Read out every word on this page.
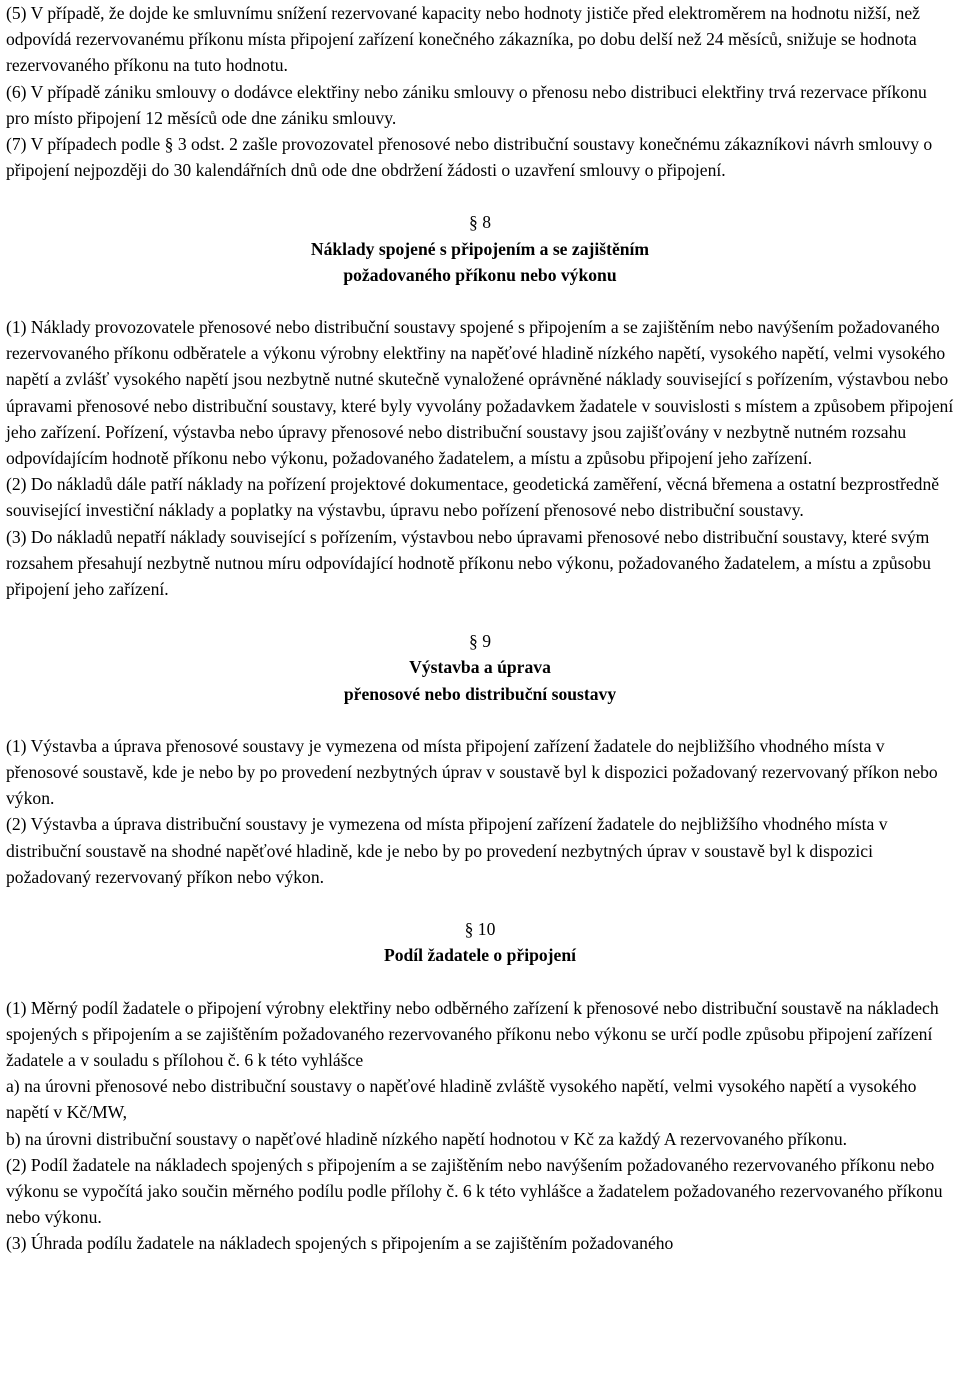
(5) V případě, že dojde ke smluvnímu snížení rezervované kapacity nebo hodnoty jističe před elektroměrem na hodnotu nižší, než odpovídá rezervovanému příkonu místa připojení zařízení konečného zákazníka, po dobu delší než 24 měsíců, snižuje se hodnota rezervovaného příkonu na tuto hodnotu.

(6) V případě zániku smlouvy o dodávce elektřiny nebo zániku smlouvy o přenosu nebo distribuci elektřiny trvá rezervace příkonu pro místo připojení 12 měsíců ode dne zániku smlouvy.

(7) V případech podle § 3 odst. 2 zašle provozovatel přenosové nebo distribuční soustavy konečnému zákazníkovi návrh smlouvy o připojení nejpozději do 30 kalendářních dnů ode dne obdržení žádosti o uzavření smlouvy o připojení.

§ 8

Náklady spojené s připojením a se zajištěním

požadovaného příkonu nebo výkonu

(1) Náklady provozovatele přenosové nebo distribuční soustavy spojené s připojením a se zajištěním nebo navýšením požadovaného rezervovaného příkonu odběratele a výkonu výrobny elektřiny na napěťové hladině nízkého napětí, vysokého napětí, velmi vysokého napětí a zvlášť vysokého napětí jsou nezbytně nutné skutečně vynaložené oprávněné náklady související s pořízením, výstavbou nebo úpravami přenosové nebo distribuční soustavy, které byly vyvolány požadavkem žadatele v souvislosti s místem a způsobem připojení jeho zařízení. Pořízení, výstavba nebo úpravy přenosové nebo distribuční soustavy jsou zajišťovány v nezbytně nutném rozsahu odpovídajícím hodnotě příkonu nebo výkonu, požadovaného žadatelem, a místu a způsobu připojení jeho zařízení.

(2) Do nákladů dále patří náklady na pořízení projektové dokumentace, geodetická zaměření, věcná břemena a ostatní bezprostředně související investiční náklady a poplatky na výstavbu, úpravu nebo pořízení přenosové nebo distribuční soustavy.

(3) Do nákladů nepatří náklady související s pořízením, výstavbou nebo úpravami přenosové nebo distribuční soustavy, které svým rozsahem přesahují nezbytně nutnou míru odpovídající hodnotě příkonu nebo výkonu, požadovaného žadatelem, a místu a způsobu připojení jeho zařízení.

§ 9

Výstavba a úprava

přenosové nebo distribuční soustavy

(1) Výstavba a úprava přenosové soustavy je vymezena od místa připojení zařízení žadatele do nejbližšího vhodného místa v přenosové soustavě, kde je nebo by po provedení nezbytných úprav v soustavě byl k dispozici požadovaný rezervovaný příkon nebo výkon.

(2) Výstavba a úprava distribuční soustavy je vymezena od místa připojení zařízení žadatele do nejbližšího vhodného místa v distribuční soustavě na shodné napěťové hladině, kde je nebo by po provedení nezbytných úprav v soustavě byl k dispozici požadovaný rezervovaný příkon nebo výkon.

§ 10

Podíl žadatele o připojení

(1) Měrný podíl žadatele o připojení výrobny elektřiny nebo odběrného zařízení k přenosové nebo distribuční soustavě na nákladech spojených s připojením a se zajištěním požadovaného rezervovaného příkonu nebo výkonu se určí podle způsobu připojení zařízení žadatele a v souladu s přílohou č. 6 k této vyhlášce

a) na úrovni přenosové nebo distribuční soustavy o napěťové hladině zvláště vysokého napětí, velmi vysokého napětí a vysokého napětí v Kč/MW,

b) na úrovni distribuční soustavy o napěťové hladině nízkého napětí hodnotou v Kč za každý A rezervovaného příkonu.

(2) Podíl žadatele na nákladech spojených s připojením a se zajištěním nebo navýšením požadovaného rezervovaného příkonu nebo výkonu se vypočítá jako součin měrného podílu podle přílohy č. 6 k této vyhlášce a žadatelem požadovaného rezervovaného příkonu nebo výkonu.

(3) Úhrada podílu žadatele na nákladech spojených s připojením a se zajištěním požadovaného
